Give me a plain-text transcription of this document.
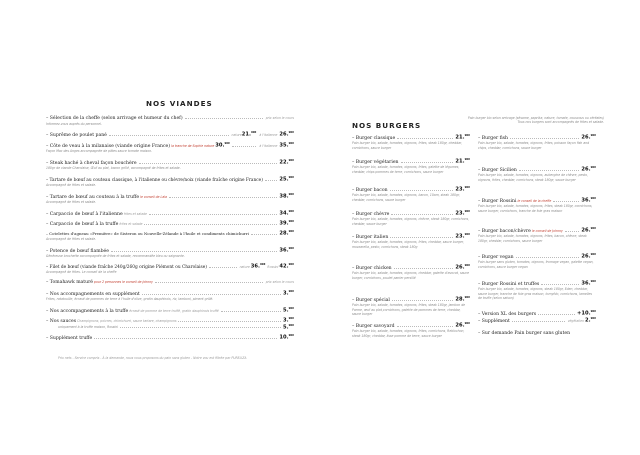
NOS VIANDES
– Sélection de la cheffe (selon arrivage et humeur du chef)	prix selon le cours
Informez-vous auprès du personnel.
– Suprême de poulet pané	nature 21.$^{90€}$
à l'italienne 26.$^{90€}$
– Côte de veau à la milanaise (viande origine France) la tranche de Sophie nature 30.$^{90€}$
à l'italienne 35.$^{90€}$
Façon Mac des Anges accompagnée de pâtes sauce tomate maison.
– Steak haché à cheval façon bouchère	22.$^{90€}$
180gr de viande Charolaise, Œuf au plat, bacon grillé, accompagné de frites et salade.
– Tartare de bœuf au couteau classique, à l'italienne ou chèvre/noix (viande fraîche origine France)	25.$^{90€}$
Accompagné de frites et salade.
– Tartare de bœuf au couteau à la truffe le conseil de Lala	38.$^{90€}$
Accompagné de frites et salade.
– Carpaccio de bœuf à l'italienne frites et salade	34.$^{90€}$
– Carpaccio de bœuf à la truffe frites et salade	39.$^{90€}$
– Cotelettes d'agneau «Première» de Sisteron ou Nouvelle-Zélande à l'huile et condiments chimichurri	28.$^{90€}$
Accompagné de frites et salade.
– Potence de bœuf flambée	36.$^{90€}$
Généreuse brochette accompagnée de frites et salade, recommandée bleu ou saignante.
– Filet de bœuf (viande fraîche 240g/260g origine Piémont ou Charolaise)	nature 36.$^{90€}$
Rossini 42.$^{90€}$
Accompagné de frites. Le conseil de la cheffe
– Tomahawk maturé pour 2 personnes le conseil de Johnny	prix selon le cours
– Nos accompagnements en supplément	3.$^{90€}$
Frites, ratatouille, écrasé de pommes de terre à l'huile d'olive, gratin dauphinois, riz, lamboni, piment grillé.
– Nos accompagnements à la truffe écrasé de pomme de terre truffé, gratin dauphinois truffé	5.$^{90€}$
– Nos sauces Champignons, poivres, chimichurri, sauce tartare, champignons	3.$^{90€}$
uniquement à la truffe maison, Rossini	5.$^{90€}$
– Supplément truffe	10.$^{90€}$
Prix nets - Service compris - À la demande, nous vous proposons du pain sans gluten - Notre vou est filtrée par PURELIZA
NOS BURGERS
Pain burger bio selon arrivage (sésame, paprika, nature, tomate, couscous ou céréales)
Tous nos burgers sont accompagnés de frites et salade.
– Burger classique	21.$^{90€}$
Pain burger bio, salade, tomates, oignons, frites, steak 180gr, cheddar, cornichons, sauce burger
– Burger végétarien	21.$^{90€}$
Pain burger bio, salade, tomates, oignons, frites, galette de légumes, cheddar, chips pommes de terre, cornichons, sauce burger
– Burger bacon	23.$^{90€}$
Pain burger bio, salade, tomates, oignons, bacon, 10am, steak 180gr, cheddar, cornichons, sauce burger
– Burger chèvre	23.$^{90€}$
Pain burger bio, salade, tomates, oignons, chèvre, steak 180gr, cornichons, cheddar, sauce burger
– Burger italien	23.$^{90€}$
Pain burger bio, salade, tomates, oignons, frites, cheddar, sauce burger, mozzarella, pesto, cornichons, steak 180g
– Burger chicken	26.$^{90€}$
Pain burger bio, salade, tomates, oignons, cheddar, galette d'avocat, sauce burger, cornichons, poulet panier persillé
– Burger spécial	28.$^{90€}$
Pain burger bio, salade, tomates, oignons, frites, steak 180gr, jambon de Parme, œuf au plat,cornichons, galette de pommes de terre, cheddar, sauce burger
– Burger savoyard	26.$^{90€}$
Pain burger bio, salade, tomates, oignons, frites, cornichons, Reblochon, steak 180gr, cheddar, lisse pomme de terre, sauce burger
– Burger fish	26.$^{90€}$
Pain burger bio, salade, tomates, oignons, frites, poisson façon fish and chips, cheddar, cornichons, sauce burger
– Burger Sicilien	26.$^{90€}$
Pain burger bio, salade, tomates, oignons, aubergine de chèvre, pesto, oignons, frites, cheddar, cornichons, steak 180gr, sauce burger
– Burger Rossini le conseil de la cheffe	36.$^{90€}$
Pain burger bio, salade, tomates, oignons, frites, steak 180gr, cornichons, sauce burger, cornichons, tranche de foie gras maison
– Burger bacon/chèvre le conseil de Johnny	26.$^{90€}$
Pain burger bio, salade, tomates, oignons, frites, bacon, chèvre, steak 180gr, cheddar, cornichons, sauce burger
– Burger vegan	26.$^{90€}$
Pain burger sans gluten, tomates, oignons, fromage vegan, galette vegan, cornichons, sauce burger vegan
– Burger Rossini et truffes	36.$^{90€}$
Pain burger bio, salade, tomates, oignons, steak 180gr, Eden, cheddar, sauce burger, tranche de foie gras maison, tomyfdo, cornichons, lamelles de truffe (selon saison)
– Version XL des burgers	+10.$^{90€}$
– Supplément	végétalien 2.$^{90€}$
– Sur demande Pain burger sans gluten
